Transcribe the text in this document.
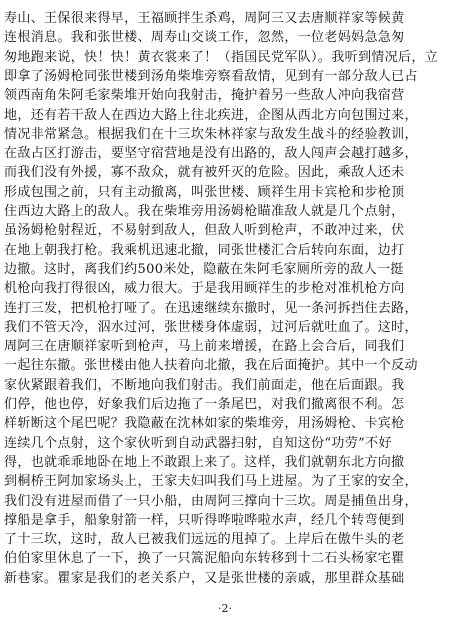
寿山、王保很来得早，王福顾拌生杀鸡，周阿三又去唐顺祥家等候黄
连根消息。我和张世楼、周寿山交谈工作，忽然，一位老妈妈急急匆
匆地跑来说，快！快！黄衣裳来了！（指国民党军队）。我听到情况后，立
即拿了汤姆枪同张世楼到汤角柴堆旁察看敌情，见到有一部分敌人已占
领西南角朱阿毛家柴堆开始向我射击，掩护着另一些敌人冲向我宿营
地，还有若干敌人在西边大路上往北疾进，企图从西北方向包围过来，
情况非常紧急。根据我们在十三坎朱林祥家与敌发生战斗的经验教训，
在敌占区打游击，要坚守宿营地是没有出路的，敌人闯声会越打越多，
而我们没有外援，寡不敌众，就有被歼灭的危险。因此，乘敌人还未
形成包围之前，只有主动撤离，叫张世楼、顾祥生用卡宾枪和步枪顶
住西边大路上的敌人。我在柴堆旁用汤姆枪瞄准敌人就是几个点射，
虽汤姆枪射程近，不易射到敌人，但敌人听到枪声，不敢冲过来，伏
在地上朝我打枪。我乘机迅速北撤，同张世楼汇合后转向东面，边打
边撤。这时，离我们约500米处，隐蔽在朱阿毛家厕所旁的敌人一挺
机枪向我打得很凶，威力很大。于是我用顾祥生的步枪对准机枪方向
连打三发，把机枪打哑了。在迅速继续东撤时，见一条河拆挡住去路，
我们不管天冷，泅水过河，张世楼身体虚弱，过河后就吐血了。这时，
周阿三在唐顺祥家听到枪声，马上前来增援，在路上会合后，同我们
一起往东撤。张世楼由他人扶着向北撤，我在后面掩护。其中一个反动
家伙紧跟着我们，不断地向我们射击。我们前面走，他在后面跟。我
们停，他也停，好象我们后边拖了一条尾巴，对我们撤离很不利。怎
样斩断这个尾巴呢？我隐蔽在沈林如家的柴堆旁，用汤姆枪、卡宾枪
连续几个点射，这个家伙听到自动武器扫射，自知这份“功劳”不好
得，也就乖乖地卧在地上不敢跟上来了。这样，我们就朝东北方向撤
到桐桥王阿加家场头上，王家夫妇叫我们马上进屋。为了王家的安全，
我们没有进屋而借了一只小船，由周阿三撑向十三坎。周是捕鱼出身，
撑船是拿手，船象射箭一样，只听得哗啦哗啦水声，经几个转弯便到
了十三坎，这时，敌人已被我们远远的甩掉了。上岸后在傲牛头的老
伯伯家里休息了一下，换了一只篙泥船向东转移到十二石头杨家宅瞿
新巷家。瞿家是我们的老关系户，又是张世楼的亲戚，那里群众基础
·2·
